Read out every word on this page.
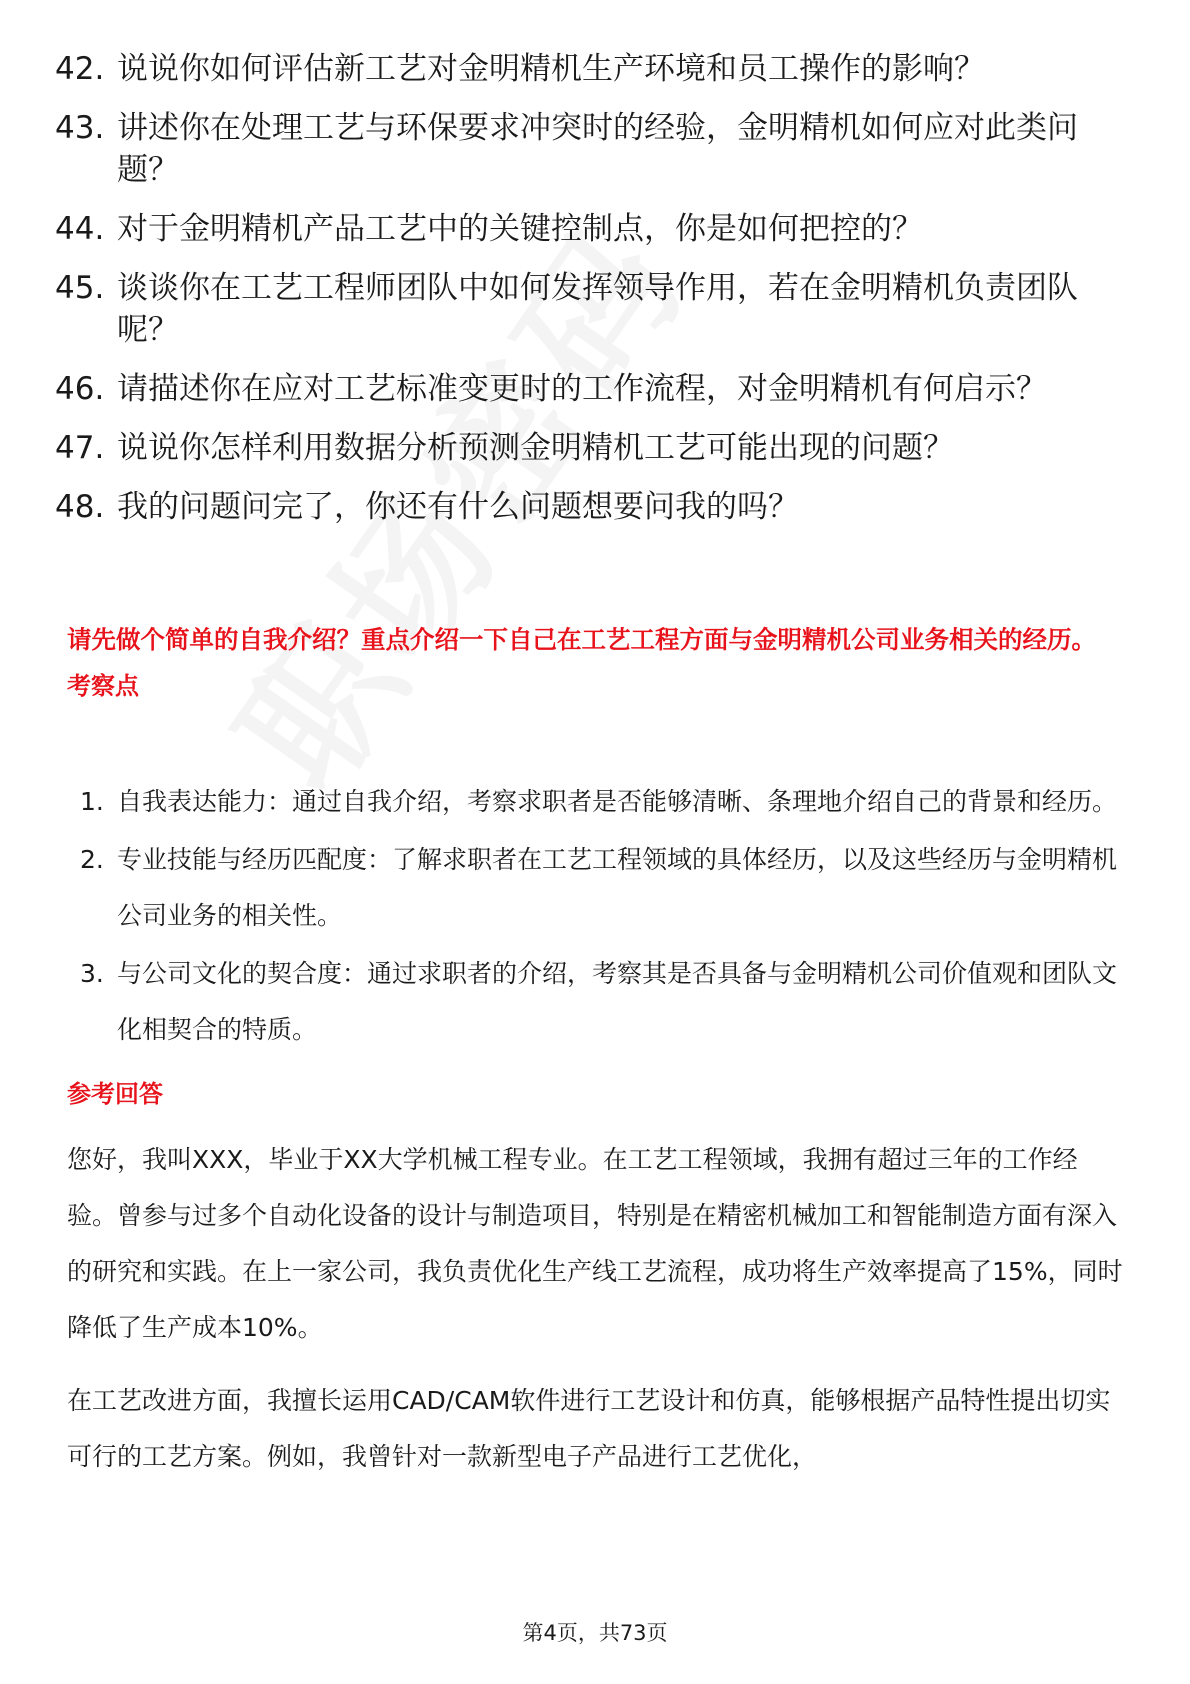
42. 说说你如何评估新工艺对金明精机生产环境和员工操作的影响？
43. 讲述你在处理工艺与环保要求冲突时的经验，金明精机如何应对此类问题？
44. 对于金明精机产品工艺中的关键控制点，你是如何把控的？
45. 谈谈你在工艺工程师团队中如何发挥领导作用，若在金明精机负责团队呢？
46. 请描述你在应对工艺标准变更时的工作流程，对金明精机有何启示？
47. 说说你怎样利用数据分析预测金明精机工艺可能出现的问题？
48. 我的问题问完了，你还有什么问题想要问我的吗？
请先做个简单的自我介绍？重点介绍一下自己在工艺工程方面与金明精机公司业务相关的经历。
考察点
1. 自我表达能力：通过自我介绍，考察求职者是否能够清晰、条理地介绍自己的背景和经历。
2. 专业技能与经历匹配度：了解求职者在工艺工程领域的具体经历，以及这些经历与金明精机公司业务的相关性。
3. 与公司文化的契合度：通过求职者的介绍，考察其是否具备与金明精机公司价值观和团队文化相契合的特质。
参考回答

您好，我叫XXX，毕业于XX大学机械工程专业。在工艺工程领域，我拥有超过三年的工作经验。曾参与过多个自动化设备的设计与制造项目，特别是在精密机械加工和智能制造方面有深入的研究和实践。在上一家公司，我负责优化生产线工艺流程，成功将生产效率提高了15%，同时降低了生产成本10%。

在工艺改进方面，我擅长运用CAD/CAM软件进行工艺设计和仿真，能够根据产品特性提出切实可行的工艺方案。例如，我曾针对一款新型电子产品进行工艺优化，

第4页，共73页
